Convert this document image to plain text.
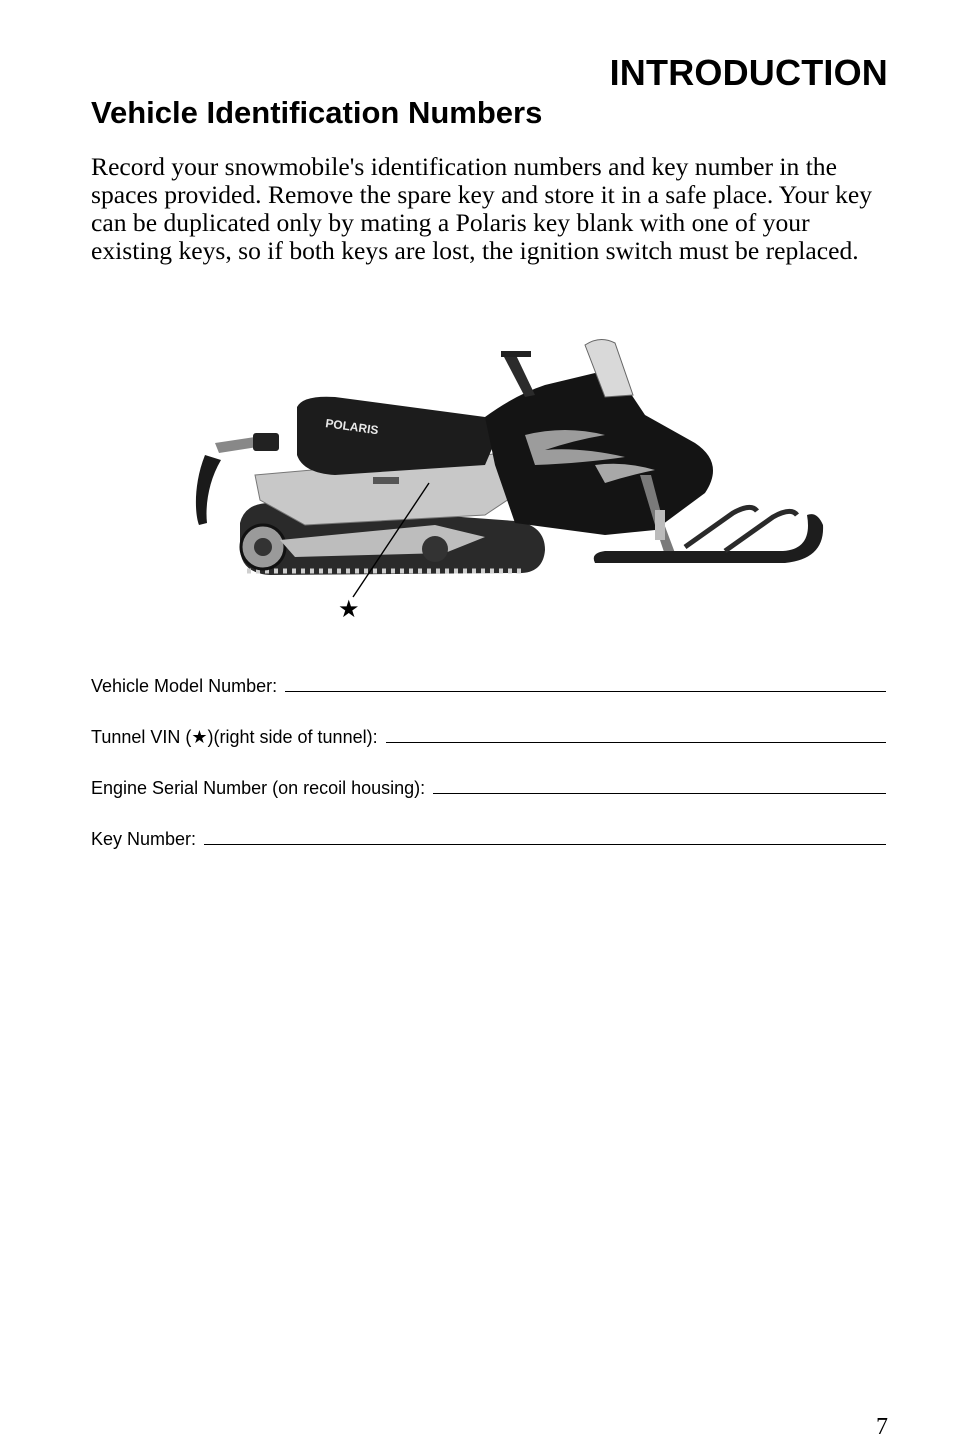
INTRODUCTION
Vehicle Identification Numbers

Record your snowmobile's identification numbers and key number in the spaces provided. Remove the spare key and store it in a safe place. Your key can be duplicated only by mating a Polaris key blank with one of your existing keys, so if both keys are lost, the ignition switch must be replaced.

POLARIS
★
Vehicle Model Number:
Tunnel VIN (★)(right side of tunnel):
Engine Serial Number (on recoil housing):
Key Number:
7
